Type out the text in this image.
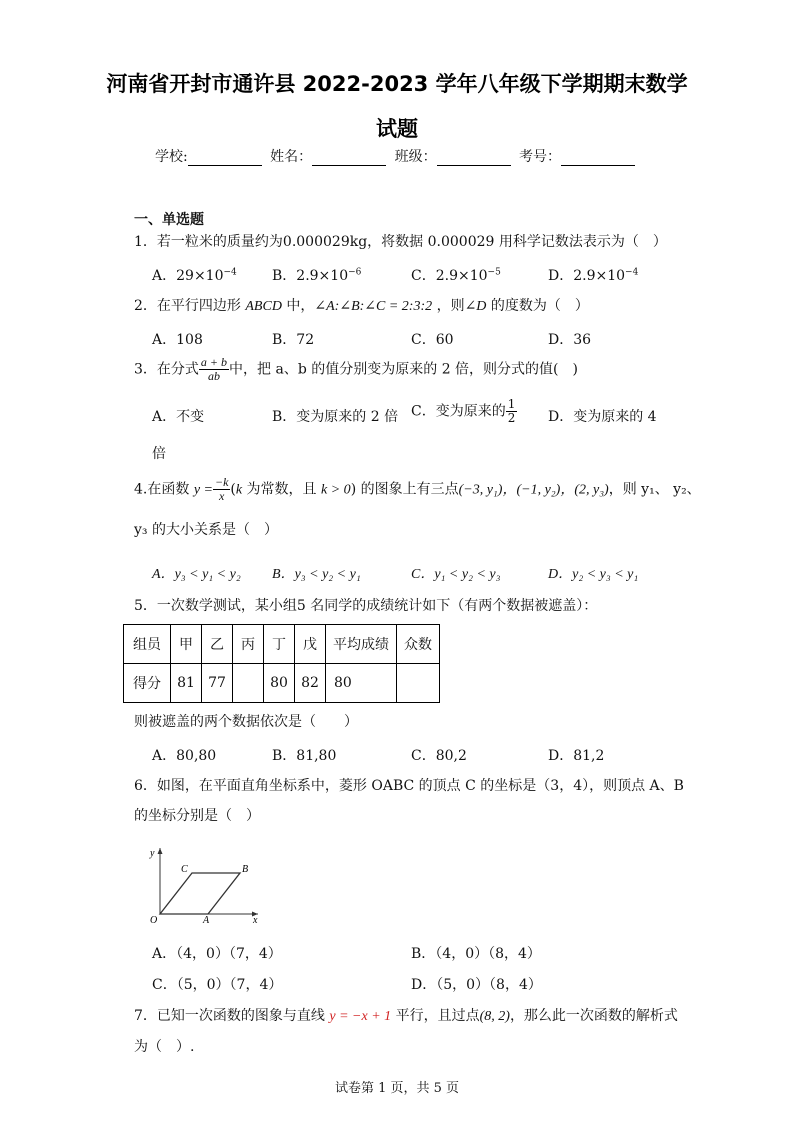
河南省开封市通许县 2022-2023 学年八年级下学期期末数学
试题
学校:	姓名：	班级：	考号：
一、单选题
1．若一粒米的质量约为0.000029kg，将数据 0.000029 用科学记数法表示为（　）
A．$29\times 10^{-4}$	B．$2.9\times 10^{-6}$	C．$2.9\times 10^{-5}$	D．$2.9\times 10^{-4}$
2．在平行四边形 ABCD 中，∠A:∠B:∠C = 2:3:2 ，则∠D 的度数为（　）
A．108	B．72	C．60	D．36
3．在分式 $\frac{a + b}{ab}$ 中，把 a、b 的值分别变为原来的 2 倍，则分式的值(　)
A．不变	B．变为原来的 2 倍 C．变为原来的 $\frac{1}{2}$ D．变为原来的 4
倍
4.在函数 $y = \frac{-k}{x} (k$ 为常数，且 k > 0) 的图象上有三点(−3, y₁)，(−1, y₂)，(2, y₃)，则 y₁、 y₂、
y₃ 的大小关系是（　）
A．y₃ < y₁ < y₂ B．y₃ < y₂ < y₁	C．y₁ < y₂ < y₃	D．y₂ < y₃ < y₁
5．一次数学测试，某小组5 名同学的成绩统计如下（有两个数据被遮盖）：
组员	甲	乙	丙	丁	戊	平均成绩	众数
得分	81	77		80	82	80	
则被遮盖的两个数据依次是（　　）
A．80,80	B．81,80	C．80,2	D．81,2
6．如图，在平面直角坐标系中，菱形 OABC 的顶点 C 的坐标是（3，4），则顶点 A、B
的坐标分别是（　）
y
x
O	A
B
C
A．（4，0）（7，4）	B．（4，0）（8，4）
C．（5，0）（7，4）	D．（5，0）（8，4）
7．已知一次函数的图象与直线 y = −x + 1 平行，且过点(8, 2)，那么此一次函数的解析式
为（　）.
试卷第 1 页，共 5 页
